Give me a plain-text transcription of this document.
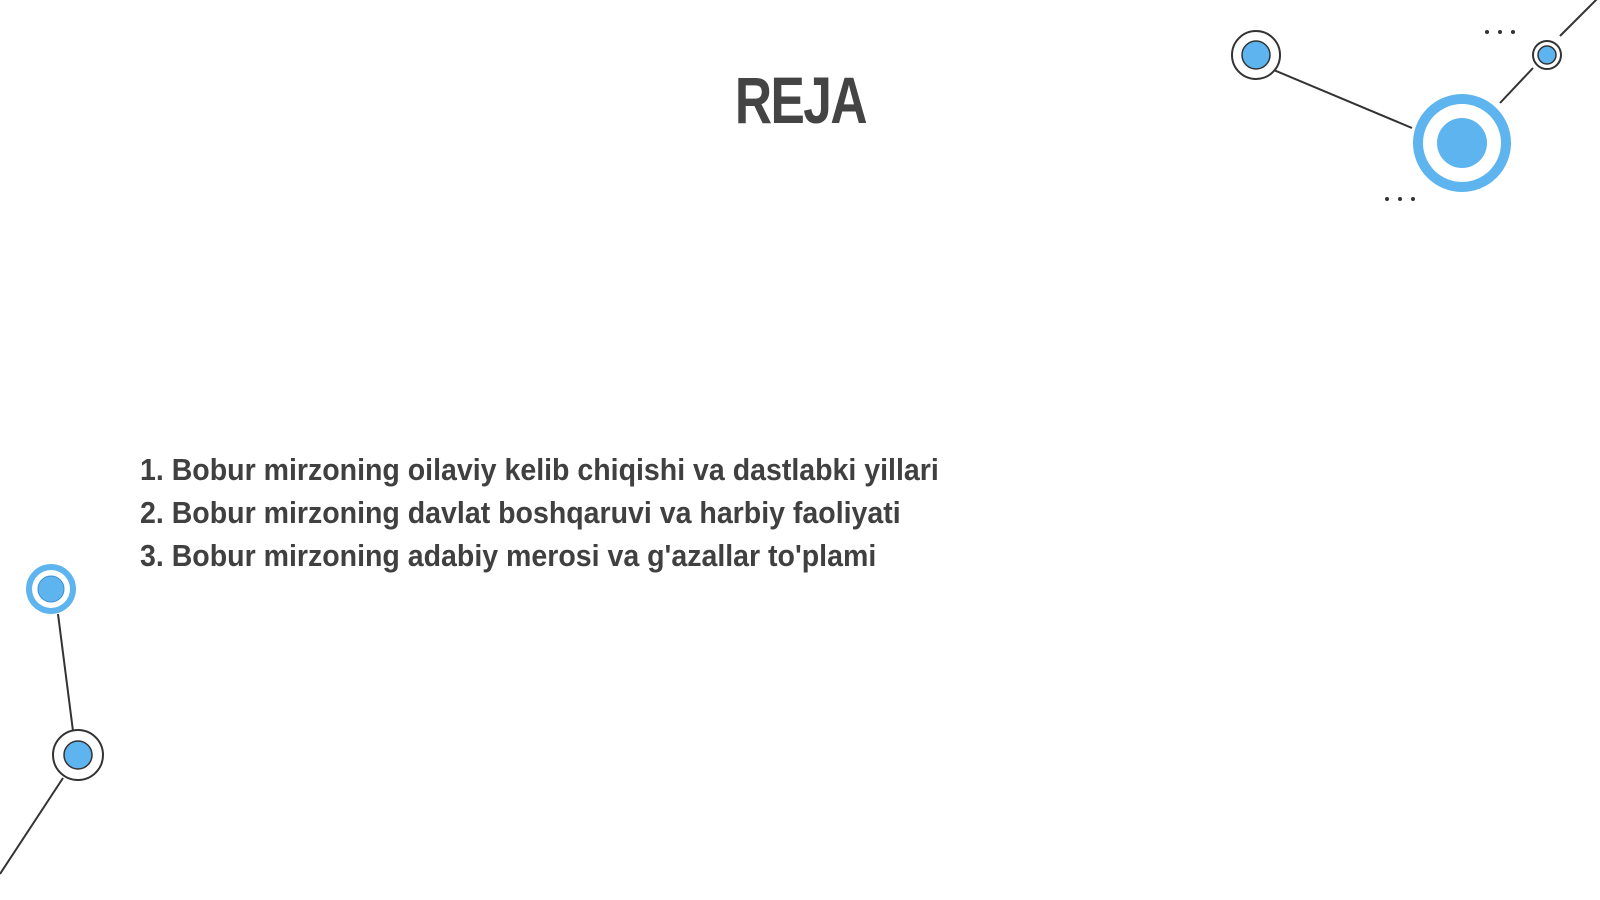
REJA
1. Bobur mirzoning oilaviy kelib chiqishi va dastlabki yillari
2. Bobur mirzoning davlat boshqaruvi va harbiy faoliyati
3. Bobur mirzoning adabiy merosi va g'azallar to'plami
